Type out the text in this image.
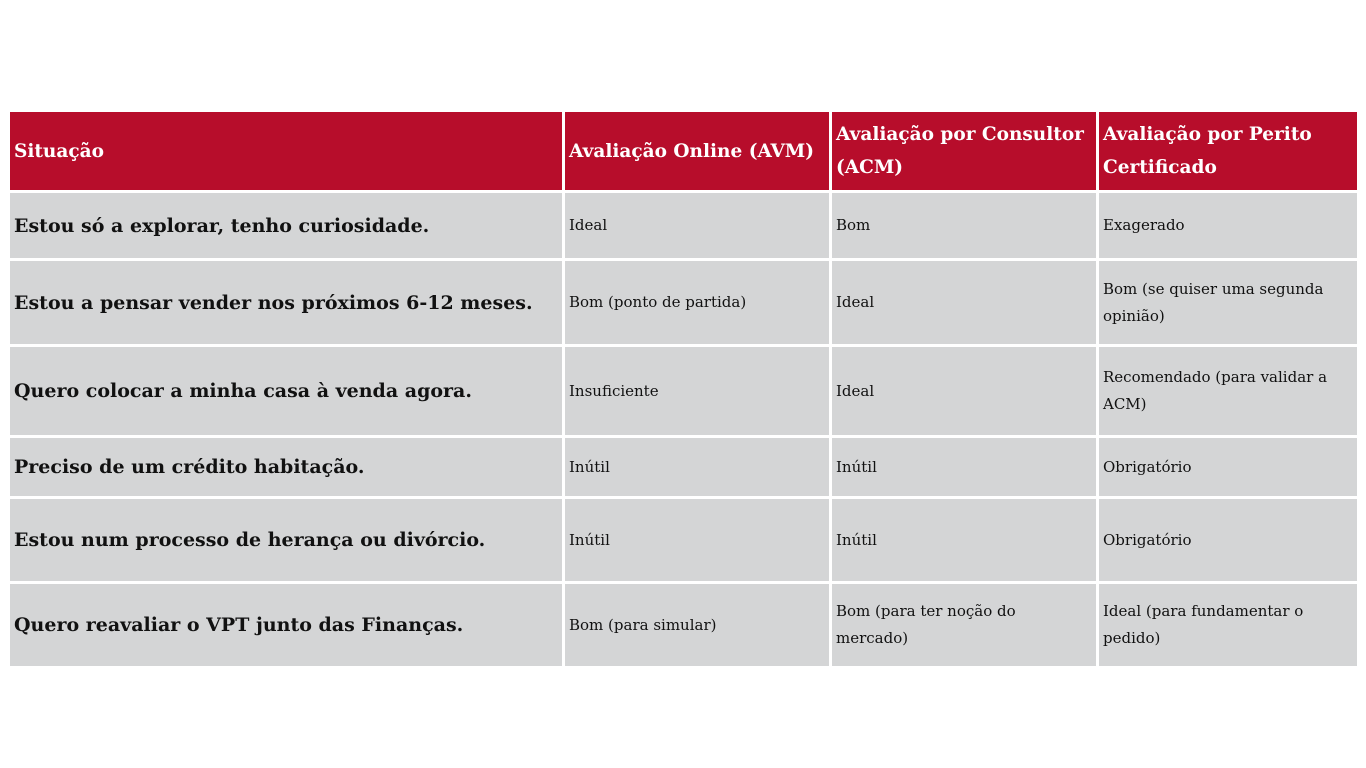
Situação	Avaliação Online (AVM)	Avaliação por Consultor (ACM)	Avaliação por Perito Certificado
Estou só a explorar, tenho curiosidade.	Ideal	Bom	Exagerado
Estou a pensar vender nos próximos 6-12 meses.	Bom (ponto de partida)	Ideal	Bom (se quiser uma segunda opinião)
Quero colocar a minha casa à venda agora.	Insuficiente	Ideal	Recomendado (para validar a ACM)
Preciso de um crédito habitação.	Inútil	Inútil	Obrigatório
Estou num processo de herança ou divórcio.	Inútil	Inútil	Obrigatório
Quero reavaliar o VPT junto das Finanças.	Bom (para simular)	Bom (para ter noção do mercado)	Ideal (para fundamentar o pedido)
